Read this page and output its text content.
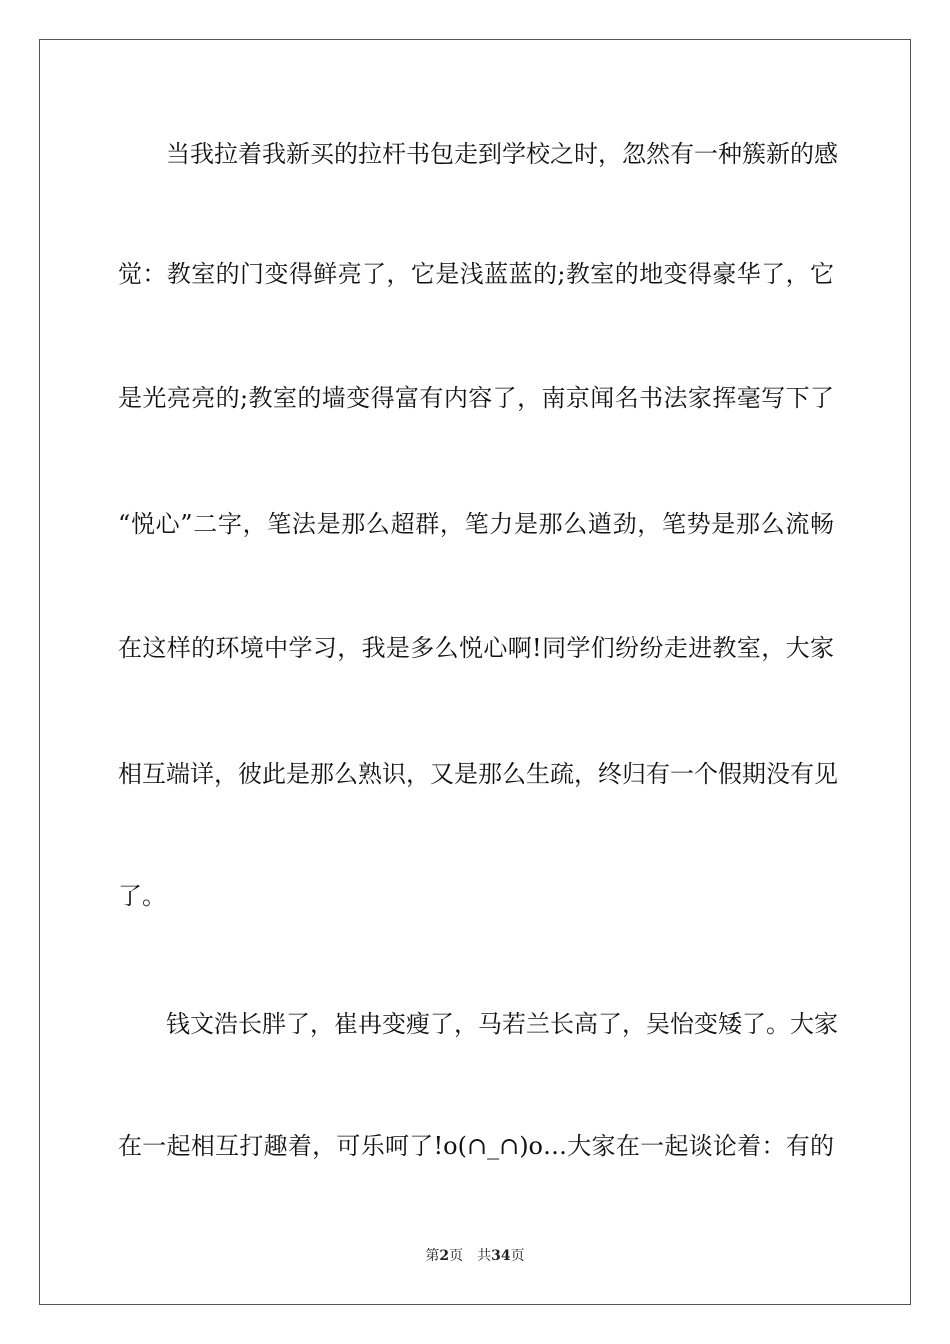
当我拉着我新买的拉杆书包走到学校之时，忽然有一种簇新的感
觉：教室的门变得鲜亮了，它是浅蓝蓝的;教室的地变得豪华了，它
是光亮亮的;教室的墙变得富有内容了，南京闻名书法家挥毫写下了
“悦心”二字，笔法是那么超群，笔力是那么遒劲，笔势是那么流畅
在这样的环境中学习，我是多么悦心啊!同学们纷纷走进教室，大家
相互端详，彼此是那么熟识，又是那么生疏，终归有一个假期没有见
了。
钱文浩长胖了，崔冉变瘦了，马若兰长高了，吴怡变矮了。大家
在一起相互打趣着，可乐呵了!o(∩_∩)o…大家在一起谈论着：有的
第2页 共34页
